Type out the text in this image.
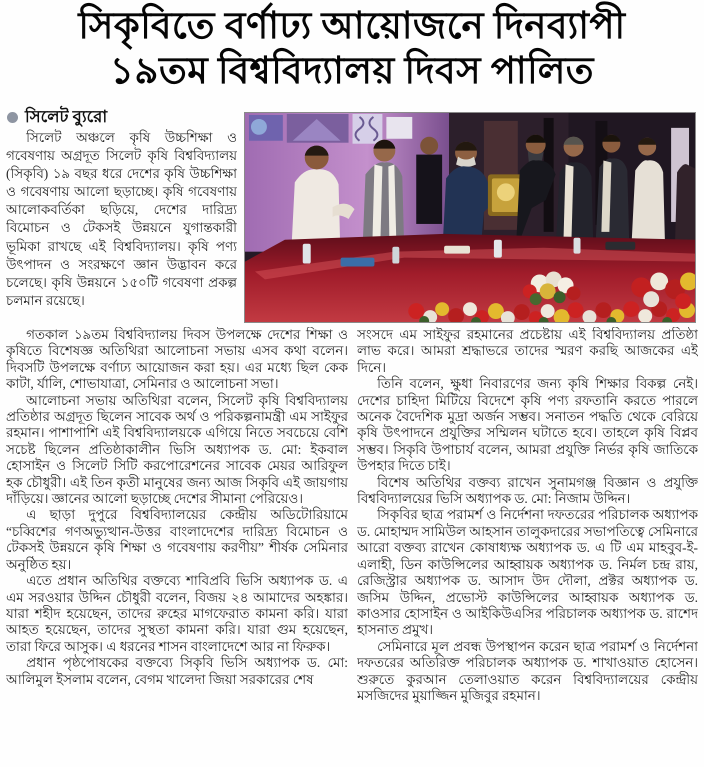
সিকৃবিতে বর্ণাঢ্য আয়োজনে দিনব্যাপী
১৯তম বিশ্ববিদ্যালয় দিবস পালিত
সিলেট ব্যুরো

সিলেট অঞ্চলে কৃষি উচ্চশিক্ষা ও গবেষণায় অগ্রদূত সিলেট কৃষি বিশ্ববিদ্যালয় (সিকৃবি) ১৯ বছর ধরে দেশের কৃষি উচ্চশিক্ষা ও গবেষণায় আলো ছড়াচ্ছে। কৃষি গবেষণায় আলোকবর্তিকা ছড়িয়ে, দেশের দারিদ্র্য বিমোচন ও টেকসই উন্নয়নে যুগান্তকারী ভূমিকা রাখছে এই বিশ্ববিদ্যালয়। কৃষি পণ্য উৎপাদন ও সংরক্ষণে জ্ঞান উদ্ভাবন করে চলেছে। কৃষি উন্নয়নে ১৫০টি গবেষণা প্রকল্প চলমান রয়েছে।

গতকাল ১৯তম বিশ্ববিদ্যালয় দিবস উপলক্ষে দেশের শিক্ষা ও কৃষিতে বিশেষজ্ঞ অতিথিরা আলোচনা সভায় এসব কথা বলেন। দিবসটি উপলক্ষে বর্ণাঢ্য আয়োজন করা হয়। এর মধ্যে ছিল কেক কাটা, র্যালি, শোভাযাত্রা, সেমিনার ও আলোচনা সভা।

আলোচনা সভায় অতিথিরা বলেন, সিলেট কৃষি বিশ্ববিদ্যালয় প্রতিষ্ঠার অগ্রদূত ছিলেন সাবেক অর্থ ও পরিকল্পনামন্ত্রী এম সাইফুর রহমান। পাশাপাশি এই বিশ্ববিদ্যালয়কে এগিয়ে নিতে সবচেয়ে বেশি সচেষ্ট ছিলেন প্রতিষ্ঠাকালীন ভিসি অধ্যাপক ড. মো: ইকবাল হোসাইন ও সিলেট সিটি করপোরেশনের সাবেক মেয়র আরিফুল হক চৌধুরী। এই তিন কৃতী মানুষের জন্য আজ সিকৃবি এই জায়গায় দাঁড়িয়ে। জ্ঞানের আলো ছড়াচ্ছে দেশের সীমানা পেরিয়েও।

এ ছাড়া দুপুরে বিশ্ববিদ্যালয়ের কেন্দ্রীয় অডিটোরিয়ামে “চব্বিশের গণঅভ্যুত্থান-উত্তর বাংলাদেশের দারিদ্র্য বিমোচন ও টেকসই উন্নয়নে কৃষি শিক্ষা ও গবেষণায় করণীয়” শীর্ষক সেমিনার অনুষ্ঠিত হয়।

এতে প্রধান অতিথির বক্তব্যে শাবিপ্রবি ভিসি অধ্যাপক ড. এ এম সরওয়ার উদ্দিন চৌধুরী বলেন, বিজয় ২৪ আমাদের অহঙ্কার। যারা শহীদ হয়েছেন, তাদের রুহের মাগফেরাত কামনা করি। যারা আহত হয়েছেন, তাদের সুস্থতা কামনা করি। যারা গুম হয়েছেন, তারা ফিরে আসুক। এ ধরনের শাসন বাংলাদেশে আর না ফিরুক।

প্রধান পৃষ্ঠপোষকের বক্তব্যে সিকৃবি ভিসি অধ্যাপক ড. মো: আলিমুল ইসলাম বলেন, বেগম খালেদা জিয়া সরকারের শেষ

সংসদে এম সাইফুর রহমানের প্রচেষ্টায় এই বিশ্ববিদ্যালয় প্রতিষ্ঠা লাভ করে। আমরা শ্রদ্ধাভরে তাদের স্মরণ করছি আজকের এই দিনে।

তিনি বলেন, ক্ষুধা নিবারণের জন্য কৃষি শিক্ষার বিকল্প নেই। দেশের চাহিদা মিটিয়ে বিদেশে কৃষি পণ্য রফতানি করতে পারলে অনেক বৈদেশিক মুদ্রা অর্জন সম্ভব। সনাতন পদ্ধতি থেকে বেরিয়ে কৃষি উৎপাদনে প্রযুক্তির সম্মিলন ঘটাতে হবে। তাহলে কৃষি বিপ্লব সম্ভব। সিকৃবি উপাচার্য বলেন, আমরা প্রযুক্তি নির্ভর কৃষি জাতিকে উপহার দিতে চাই।

বিশেষ অতিথির বক্তব্য রাখেন সুনামগঞ্জ বিজ্ঞান ও প্রযুক্তি বিশ্ববিদ্যালয়ের ভিসি অধ্যাপক ড. মো: নিজাম উদ্দিন।

সিকৃবির ছাত্র পরামর্শ ও নির্দেশনা দফতরের পরিচালক অধ্যাপক ড. মোহাম্মদ সামিউল আহসান তালুকদারের সভাপতিত্বে সেমিনারে আরো বক্তব্য রাখেন কোষাধ্যক্ষ অধ্যাপক ড. এ টি এম মাহবুব-ই-এলাহী, ডিন কাউন্সিলের আহ্বায়ক অধ্যাপক ড. নির্মল চন্দ্র রায়, রেজিস্ট্রার অধ্যাপক ড. আসাদ উদ দৌলা, প্রক্টর অধ্যাপক ড. জসিম উদ্দিন, প্রভোস্ট কাউন্সিলের আহ্বায়ক অধ্যাপক ড. কাওসার হোসাইন ও আইকিউএসির পরিচালক অধ্যাপক ড. রাশেদ হাসনাত প্রমুখ।

সেমিনারে মূল প্রবন্ধ উপস্থাপন করেন ছাত্র পরামর্শ ও নির্দেশনা দফতরের অতিরিক্ত পরিচালক অধ্যাপক ড. শাখাওয়াত হোসেন। শুরুতে কুরআন তেলাওয়াত করেন বিশ্ববিদ্যালয়ের কেন্দ্রীয় মসজিদের মুয়াজ্জিন মুজিবুর রহমান।
